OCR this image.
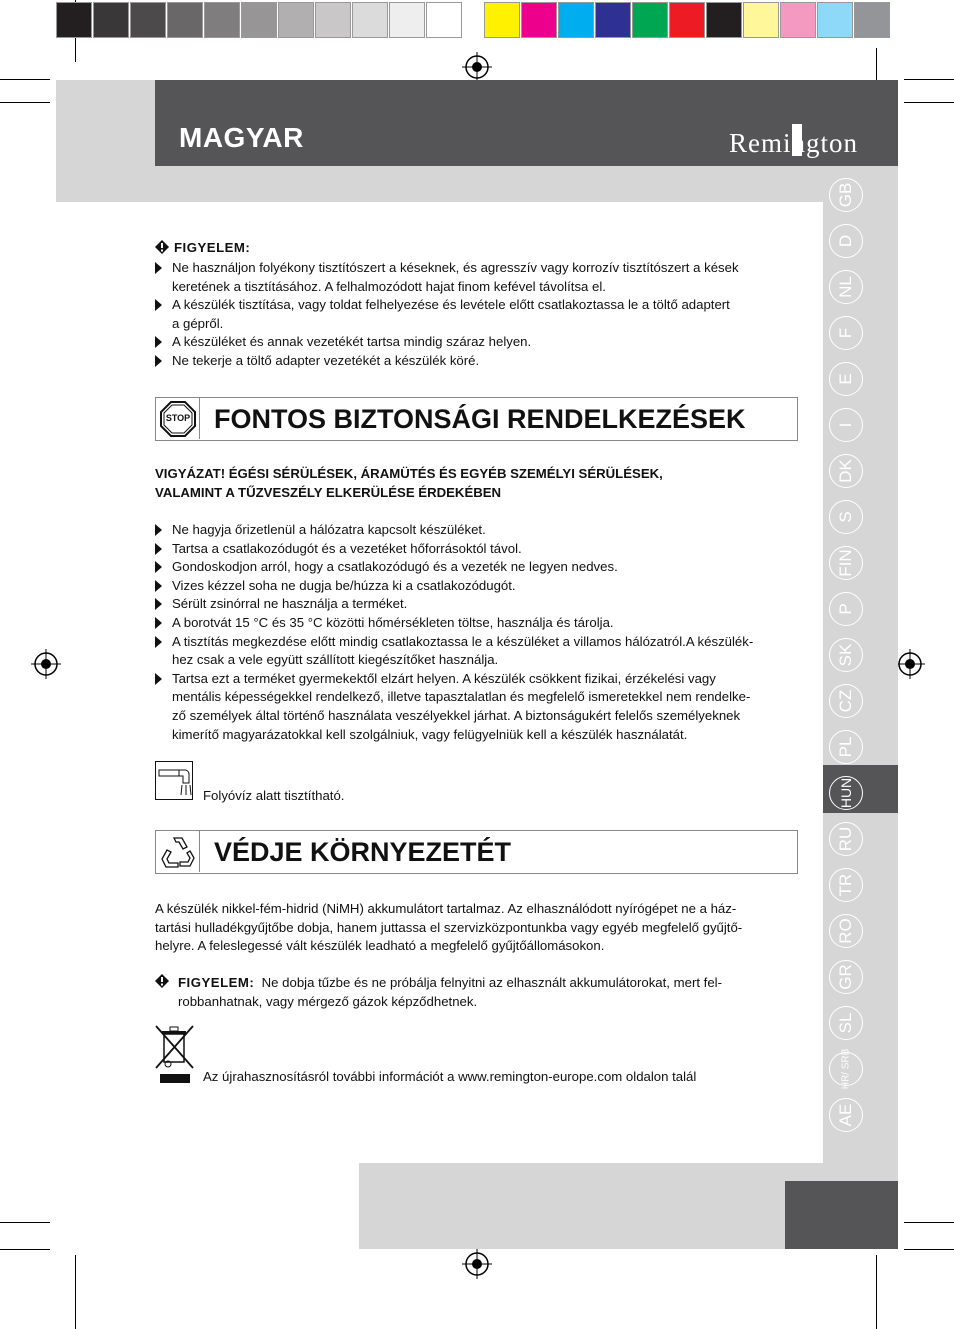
MAGYAR	Remington
GB
D
NL
F
E
I
DK
S
FIN
P
SK
CZ
PL
HUN
RU
TR
RO
GR
SL
HR/ SRB
AE
FIGYELEM:
Ne használjon folyékony tisztítószert a késeknek, és agresszív vagy korrozív tisztítószert a kések
keretének a tisztításához. A felhalmozódott hajat finom kefével távolítsa el.
A készülék tisztítása, vagy toldat felhelyezése és levétele előtt csatlakoztassa le a töltő adaptert
a gépről.
A készüléket és annak vezetékét tartsa mindig száraz helyen.
Ne tekerje a töltő adapter vezetékét a készülék köré.
STOP FONTOS BIZTONSÁGI RENDELKEZÉSEK
VIGYÁZAT! ÉGÉSI SÉRÜLÉSEK, ÁRAMÜTÉS ÉS EGYÉB SZEMÉLYI SÉRÜLÉSEK,
VALAMINT A TŰZVESZÉLY ELKERÜLÉSE ÉRDEKÉBEN
Ne hagyja őrizetlenül a hálózatra kapcsolt készüléket.
Tartsa a csatlakozódugót és a vezetéket hőforrásoktól távol.
Gondoskodjon arról, hogy a csatlakozódugó és a vezeték ne legyen nedves.
Vizes kézzel soha ne dugja be/húzza ki a csatlakozódugót.
Sérült zsinórral ne használja a terméket.
A borotvát 15 °C és 35 °C közötti hőmérsékleten töltse, használja és tárolja.
A tisztítás megkezdése előtt mindig csatlakoztassa le a készüléket a villamos hálózatról.A készülék-
hez csak a vele együtt szállított kiegészítőket használja.
Tartsa ezt a terméket gyermekektől elzárt helyen. A készülék csökkent fizikai, érzékelési vagy
mentális képességekkel rendelkező, illetve tapasztalatlan és megfelelő ismeretekkel nem rendelke-
ző személyek által történő használata veszélyekkel járhat. A biztonságukért felelős személyeknek
kimerítő magyarázatokkal kell szolgálniuk, vagy felügyelniük kell a készülék használatát.
Folyóvíz alatt tisztítható.
VÉDJE KÖRNYEZETÉT
A készülék nikkel-fém-hidrid (NiMH) akkumulátort tartalmaz. Az elhasználódott nyírógépet ne a ház-
tartási hulladékgyűjtőbe dobja, hanem juttassa el szervizközpontunkba vagy egyéb megfelelő gyűjtő-
helyre. A feleslegessé vált készülék leadható a megfelelő gyűjtőállomásokon.
FIGYELEM: Ne dobja tűzbe és ne próbálja felnyitni az elhasznált akkumulátorokat, mert fel-
robbanhatnak, vagy mérgező gázok képződhetnek.
Az újrahasznosításról további információt a www.remington-europe.com oldalon talál
